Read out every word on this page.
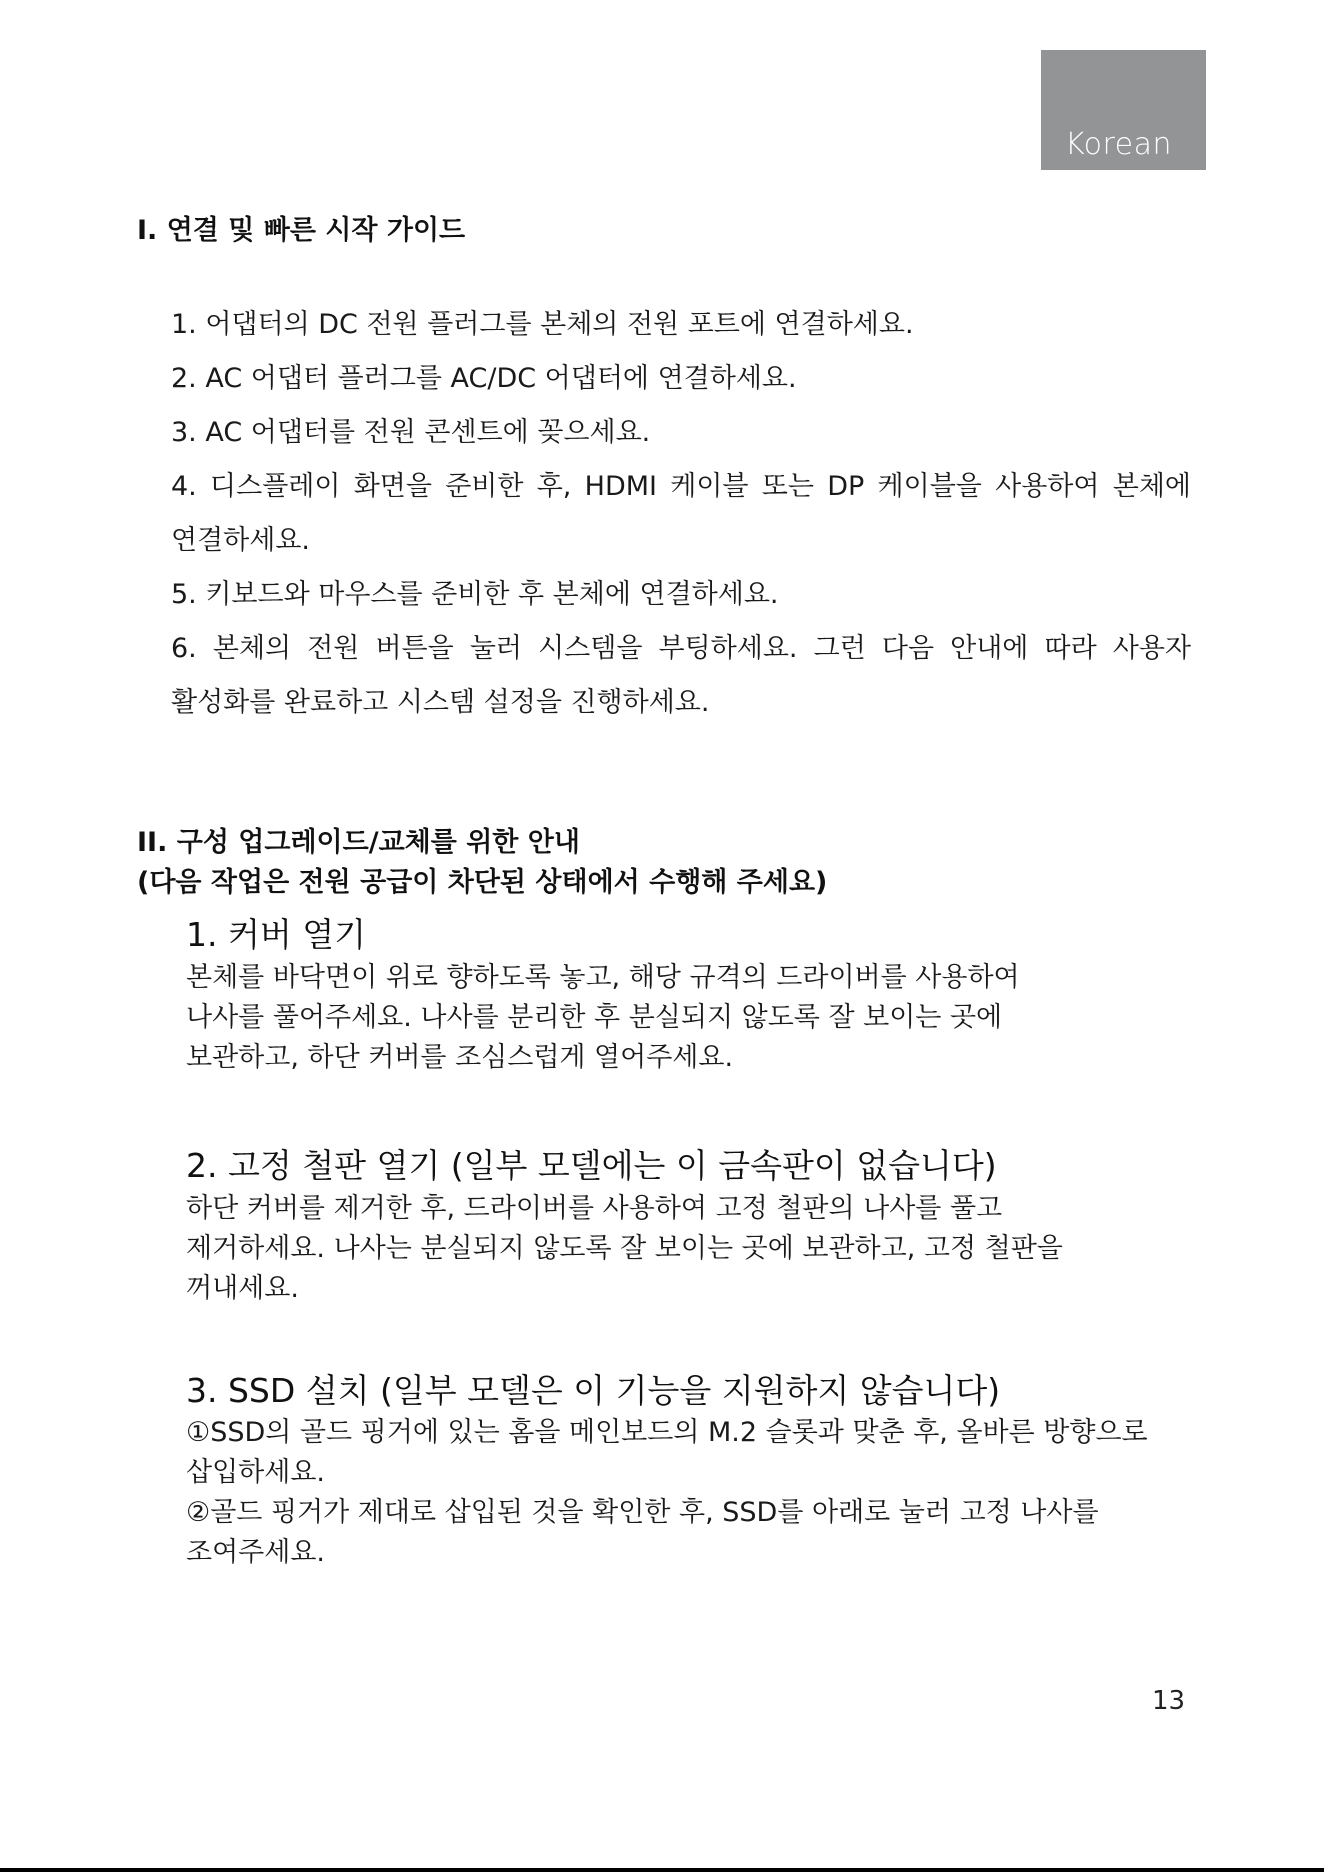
Korean
Ⅰ. 연결 및 빠른 시작 가이드
1. 어댑터의 DC 전원 플러그를 본체의 전원 포트에 연결하세요.
2. AC 어댑터 플러그를 AC/DC 어댑터에 연결하세요.
3. AC 어댑터를 전원 콘센트에 꽂으세요.
4. 디스플레이 화면을 준비한 후, HDMI 케이블 또는 DP 케이블을 사용하여 본체에
연결하세요.
5. 키보드와 마우스를 준비한 후 본체에 연결하세요.
6. 본체의 전원 버튼을 눌러 시스템을 부팅하세요. 그런 다음 안내에 따라 사용자
활성화를 완료하고 시스템 설정을 진행하세요.
II. 구성 업그레이드/교체를 위한 안내
(다음 작업은 전원 공급이 차단된 상태에서 수행해 주세요)
1. 커버 열기
본체를 바닥면이 위로 향하도록 놓고, 해당 규격의 드라이버를 사용하여
나사를 풀어주세요. 나사를 분리한 후 분실되지 않도록 잘 보이는 곳에
보관하고, 하단 커버를 조심스럽게 열어주세요.
2. 고정 철판 열기 (일부 모델에는 이 금속판이 없습니다)
하단 커버를 제거한 후, 드라이버를 사용하여 고정 철판의 나사를 풀고
제거하세요. 나사는 분실되지 않도록 잘 보이는 곳에 보관하고, 고정 철판을
꺼내세요.
3. SSD 설치 (일부 모델은 이 기능을 지원하지 않습니다)
①SSD의 골드 핑거에 있는 홈을 메인보드의 M.2 슬롯과 맞춘 후, 올바른 방향으로
삽입하세요.
②골드 핑거가 제대로 삽입된 것을 확인한 후, SSD를 아래로 눌러 고정 나사를
조여주세요.
13
